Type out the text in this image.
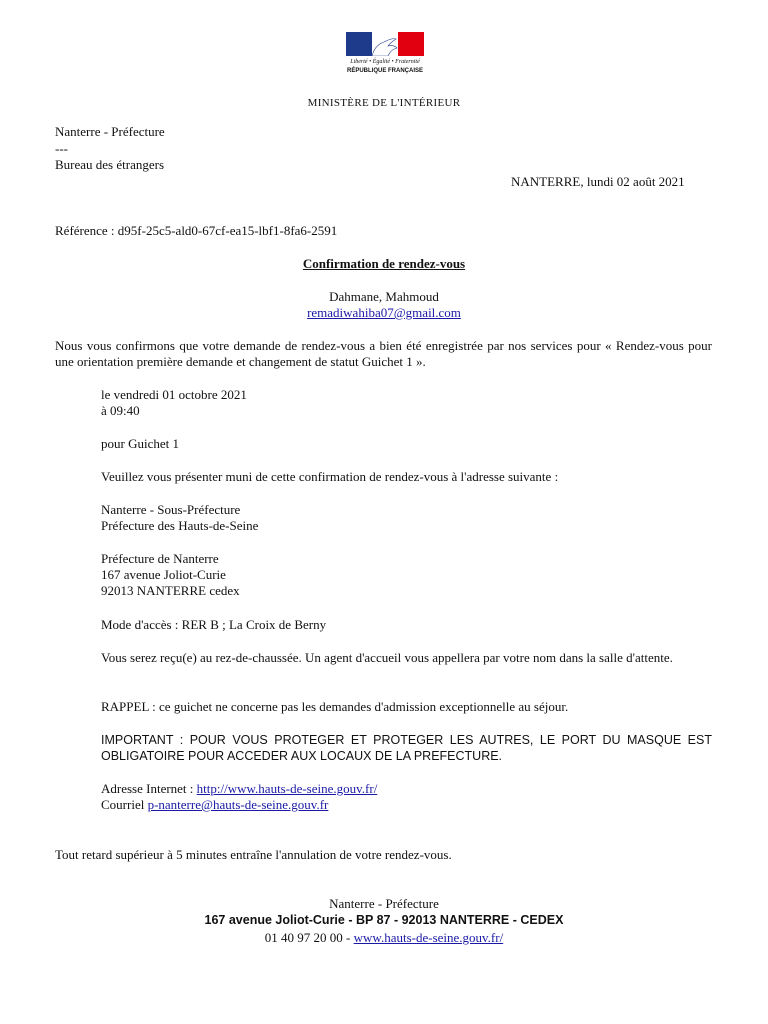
Liberté • Égalité • Fraternité
RÉPUBLIQUE FRANÇAISE
MINISTÈRE DE L'INTÉRIEUR
Nanterre - Préfecture
---
Bureau des étrangers
NANTERRE, lundi 02 août 2021
Référence : d95f-25c5-ald0-67cf-ea15-lbf1-8fa6-2591
Confirmation de rendez-vous
Dahmane, Mahmoud
remadiwahiba07@gmail.com
Nous vous confirmons que votre demande de rendez-vous a bien été enregistrée par nos services pour « Rendez-vous pour une orientation première demande et changement de statut Guichet 1 ».
le vendredi 01 octobre 2021
à 09:40
pour Guichet 1
Veuillez vous présenter muni de cette confirmation de rendez-vous à l'adresse suivante :
Nanterre - Sous-Préfecture
Préfecture des Hauts-de-Seine
Préfecture de Nanterre
167 avenue Joliot-Curie
92013 NANTERRE cedex
Mode d'accès : RER B ; La Croix de Berny
Vous serez reçu(e) au rez-de-chaussée. Un agent d'accueil vous appellera par votre nom dans la salle d'attente.
RAPPEL : ce guichet ne concerne pas les demandes d'admission exceptionnelle au séjour.
IMPORTANT : POUR VOUS PROTEGER ET PROTEGER LES AUTRES, LE PORT DU MASQUE EST OBLIGATOIRE POUR ACCEDER AUX LOCAUX DE LA PREFECTURE.
Adresse Internet : http://www.hauts-de-seine.gouv.fr/
Courriel p-nanterre@hauts-de-seine.gouv.fr
Tout retard supérieur à 5 minutes entraîne l'annulation de votre rendez-vous.
Nanterre - Préfecture
167 avenue Joliot-Curie - BP 87 - 92013 NANTERRE - CEDEX
01 40 97 20 00 - www.hauts-de-seine.gouv.fr/
